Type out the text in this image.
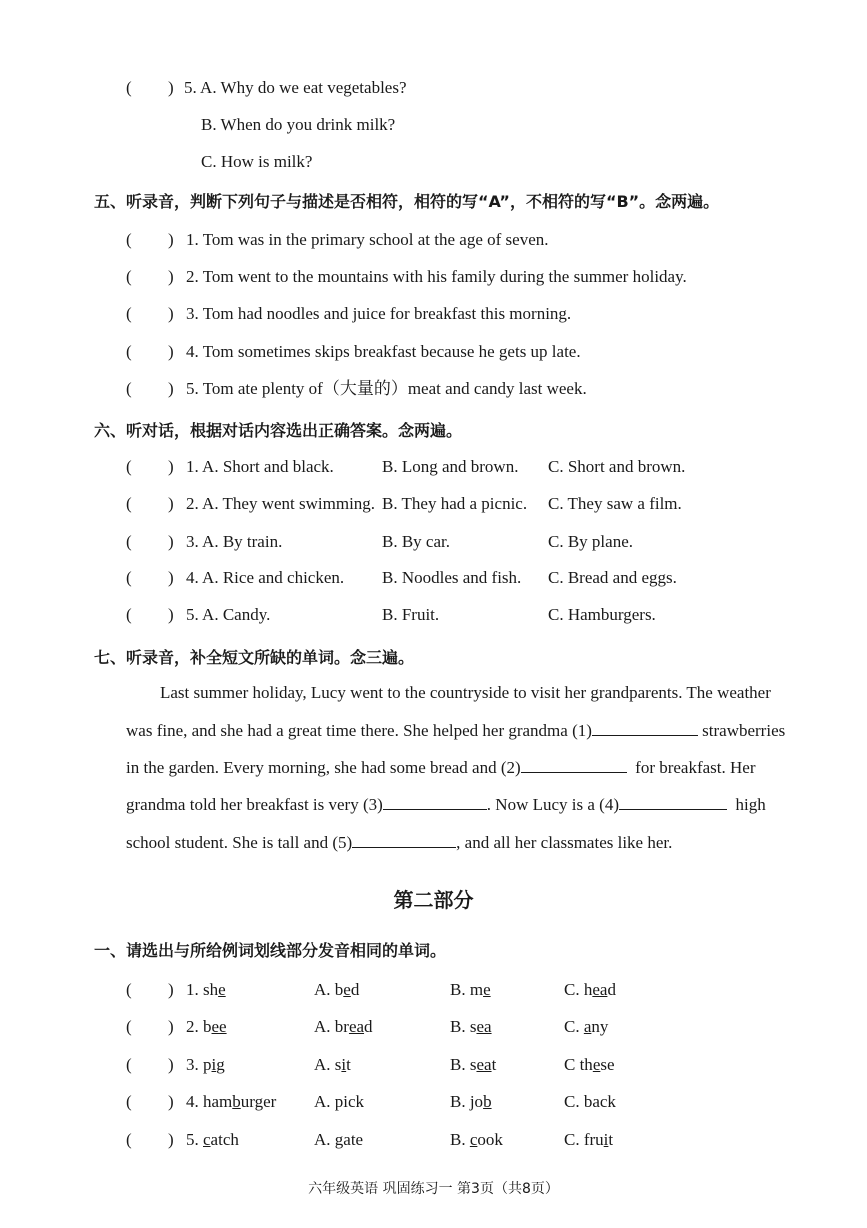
( ) 5. A. Why do we eat vegetables?
B. When do you drink milk?
C. How is milk?
五、听录音，判断下列句子与描述是否相符，相符的写“A”，不相符的写“B”。念两遍。
( ) 1. Tom was in the primary school at the age of seven.
( ) 2. Tom went to the mountains with his family during the summer holiday.
( ) 3. Tom had noodles and juice for breakfast this morning.
( ) 4. Tom sometimes skips breakfast because he gets up late.
( ) 5. Tom ate plenty of（大量的）meat and candy last week.
六、听对话，根据对话内容选出正确答案。念两遍。
( ) 1. A. Short and black.	B. Long and brown. C. Short and brown.
( ) 2. A. They went swimming. B. They had a picnic. C. They saw a film.
( ) 3. A. By train.	B. By car.	C. By plane.
( ) 4. A. Rice and chicken. B. Noodles and fish. C. Bread and eggs.
( ) 5. A. Candy.	B. Fruit.	C. Hamburgers.
七、听录音，补全短文所缺的单词。念三遍。
Last summer holiday, Lucy went to the countryside to visit her grandparents. The weather
was fine, and she had a great time there. She helped her grandma (1)	strawberries
in the garden. Every morning, she had some bread and (2)	for breakfast. Her
grandma told her breakfast is very (3)	. Now Lucy is a (4)	high
school student. She is tall and (5)	, and all her classmates like her.
第二部分
一、请选出与所给例词划线部分发音相同的单词。
( ) 1. she	A. bed	B. me	C. head
( ) 2. bee	A. bread	B. sea	C. any
( ) 3. pig	A. sit	B. seat	C these
( ) 4. hamburger A. pick	B. job	C. back
( ) 5. catch	A. gate	B. cook	C. fruit
六年级英语 巩固练习一 第3页（共8页）
